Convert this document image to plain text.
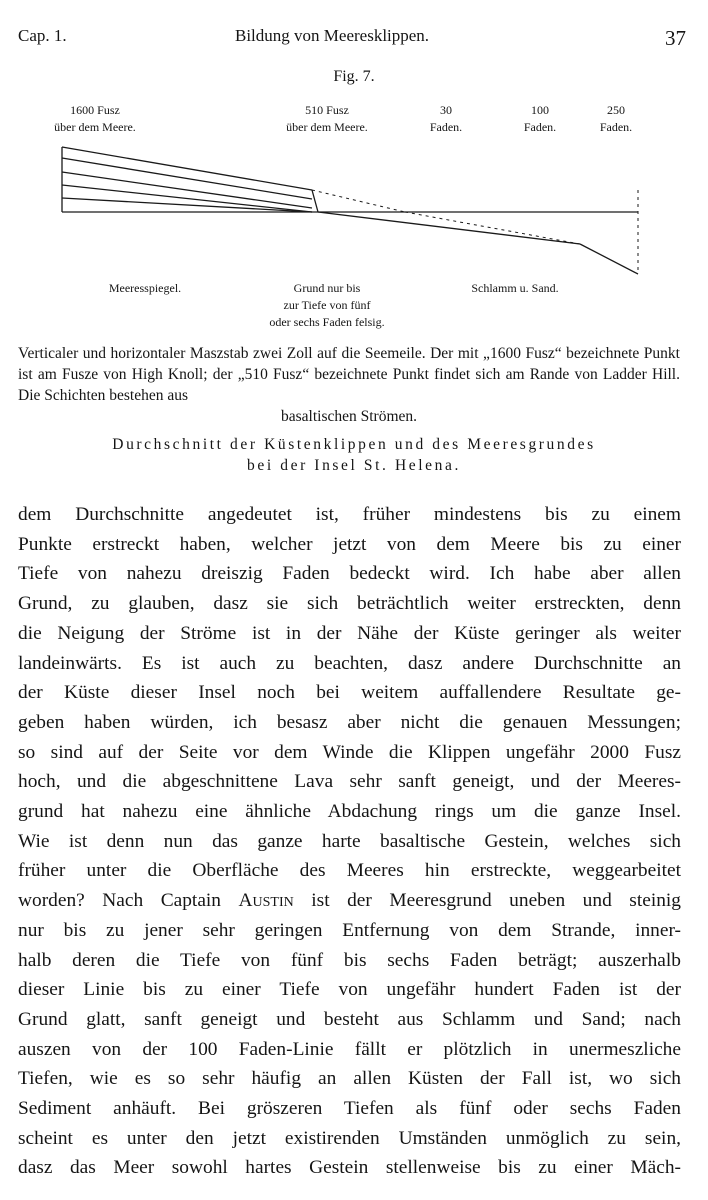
Cap. 1.	Bildung von Meeresklippen.	37
Fig. 7.
1600 Fusz
über dem Meere.
510 Fusz
über dem Meere.
30
Faden.
100
Faden.
250
Faden.
Meeresspiegel.	Grund nur bis
zur Tiefe von fünf
oder sechs Faden felsig.
Schlamm u. Sand.
Verticaler und horizontaler Maszstab zwei Zoll auf die Seemeile. Der mit „1600 Fusz“ bezeichnete Punkt ist am Fusze von High Knoll; der „510 Fusz“ bezeichnete Punkt findet sich am Rande von Ladder Hill. Die Schichten bestehen aus
basaltischen Strömen.
Durchschnitt der Küstenklippen und des Meeresgrundes
bei der Insel St. Helena.
dem Durchschnitte angedeutet ist, früher mindestens bis zu einem
Punkte erstreckt haben, welcher jetzt von dem Meere bis zu einer
Tiefe von nahezu dreiszig Faden bedeckt wird. Ich habe aber allen
Grund, zu glauben, dasz sie sich beträchtlich weiter erstreckten, denn
die Neigung der Ströme ist in der Nähe der Küste geringer als weiter
landeinwärts. Es ist auch zu beachten, dasz andere Durchschnitte an
der Küste dieser Insel noch bei weitem auffallendere Resultate ge-
geben haben würden, ich besasz aber nicht die genauen Messungen;
so sind auf der Seite vor dem Winde die Klippen ungefähr 2000 Fusz
hoch, und die abgeschnittene Lava sehr sanft geneigt, und der Meeres-
grund hat nahezu eine ähnliche Abdachung rings um die ganze Insel.
Wie ist denn nun das ganze harte basaltische Gestein, welches sich
früher unter die Oberfläche des Meeres hin erstreckte, weggearbeitet
worden? Nach Captain Austin ist der Meeresgrund uneben und steinig
nur bis zu jener sehr geringen Entfernung von dem Strande, inner-
halb deren die Tiefe von fünf bis sechs Faden beträgt; auszerhalb
dieser Linie bis zu einer Tiefe von ungefähr hundert Faden ist der
Grund glatt, sanft geneigt und besteht aus Schlamm und Sand; nach
auszen von der 100 Faden-Linie fällt er plötzlich in unermeszliche
Tiefen, wie es so sehr häufig an allen Küsten der Fall ist, wo sich
Sediment anhäuft. Bei gröszeren Tiefen als fünf oder sechs Faden
scheint es unter den jetzt existirenden Umständen unmöglich zu sein,
dasz das Meer sowohl hartes Gestein stellenweise bis zu einer Mäch-
